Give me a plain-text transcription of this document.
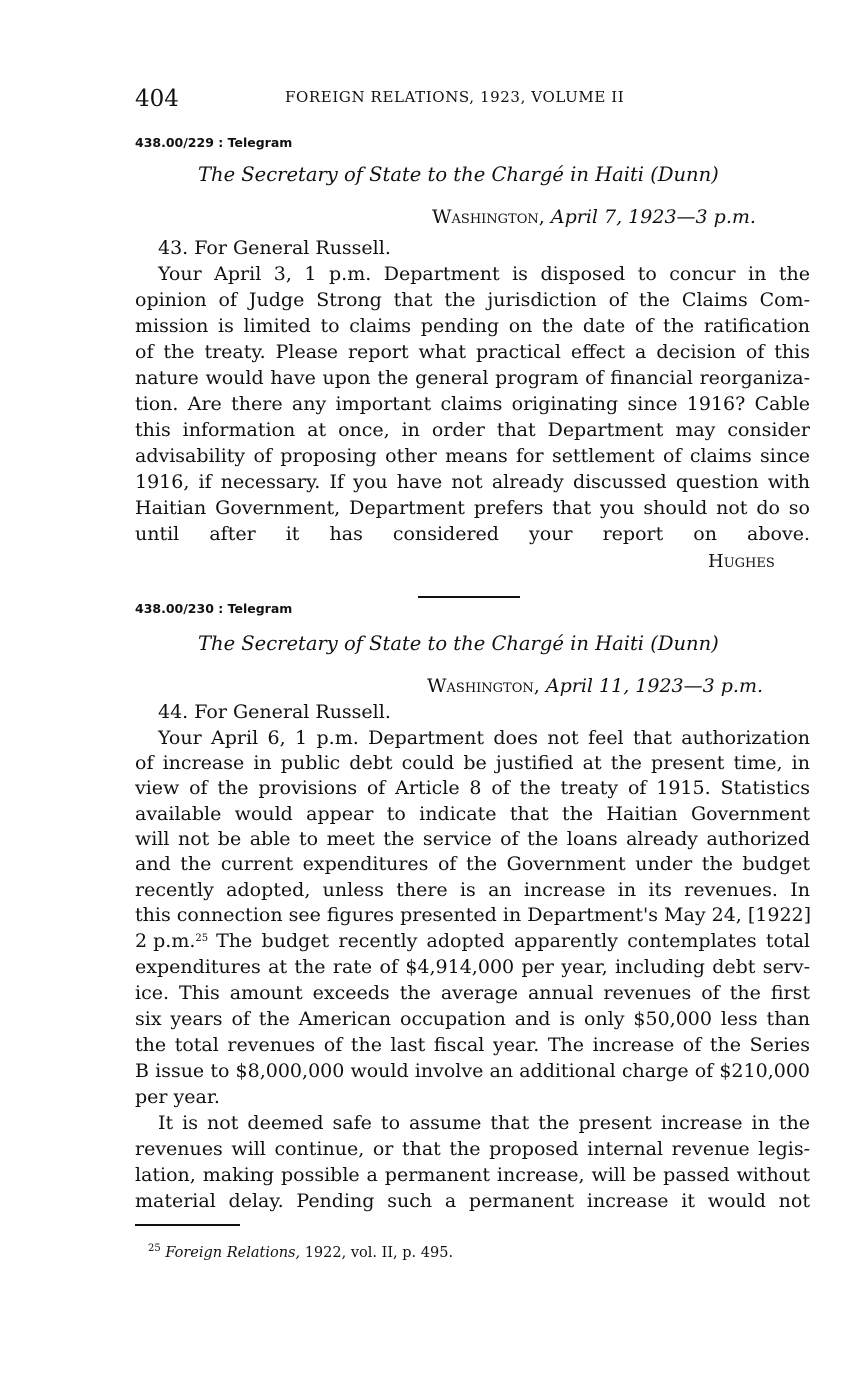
404	FOREIGN RELATIONS, 1923, VOLUME II
438.00/229 : Telegram
The Secretary of State to the Chargé in Haiti (Dunn)
Washington, April 7, 1923—3 p.m.
43. For General Russell.
Your April 3, 1 p.m. Department is disposed to concur in the
opinion of Judge Strong that the jurisdiction of the Claims Com-
mission is limited to claims pending on the date of the ratification
of the treaty. Please report what practical effect a decision of this
nature would have upon the general program of financial reorganiza-
tion. Are there any important claims originating since 1916? Cable
this information at once, in order that Department may consider
advisability of proposing other means for settlement of claims since
1916, if necessary. If you have not already discussed question with
Haitian Government, Department prefers that you should not do so
until after it has considered your report on above.
Hughes
438.00/230 : Telegram
The Secretary of State to the Chargé in Haiti (Dunn)
Washington, April 11, 1923—3 p.m.
44. For General Russell.
Your April 6, 1 p.m. Department does not feel that authorization
of increase in public debt could be justified at the present time, in
view of the provisions of Article 8 of the treaty of 1915. Statistics
available would appear to indicate that the Haitian Government
will not be able to meet the service of the loans already authorized
and the current expenditures of the Government under the budget
recently adopted, unless there is an increase in its revenues. In
this connection see figures presented in Department's May 24, [1922]
2 p.m.$^{25}$ The budget recently adopted apparently contemplates total
expenditures at the rate of $4,914,000 per year, including debt serv-
ice. This amount exceeds the average annual revenues of the first
six years of the American occupation and is only $50,000 less than
the total revenues of the last fiscal year. The increase of the Series
B issue to $8,000,000 would involve an additional charge of $210,000
per year.
It is not deemed safe to assume that the present increase in the
revenues will continue, or that the proposed internal revenue legis-
lation, making possible a permanent increase, will be passed without
material delay. Pending such a permanent increase it would not
$^{25}$ Foreign Relations, 1922, vol. II, p. 495.
